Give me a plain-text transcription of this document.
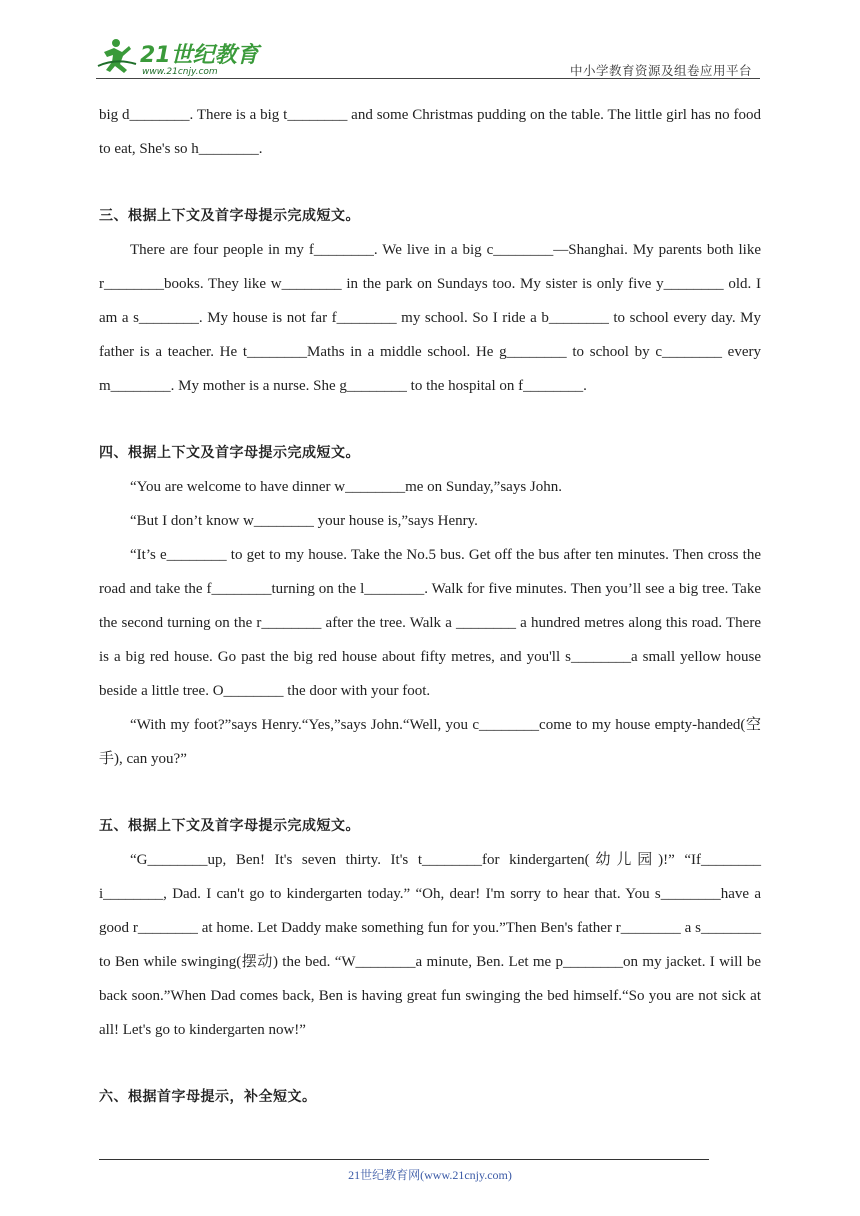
21世纪教育
www.21cnjy.com	中小学教育资源及组卷应用平台

big d________. There is a big t________ and some Christmas pudding on the table. The little girl has no food to eat, She's so h________.

三、根据上下文及首字母提示完成短文。

There are four people in my f________. We live in a big c________—Shanghai. My parents both like r________books. They like w________ in the park on Sundays too. My sister is only five y________ old. I am a s________. My house is not far f________ my school. So I ride a b________ to school every day. My father is a teacher. He t________Maths in a middle school. He g________ to school by c________ every m________. My mother is a nurse. She g________ to the hospital on f________.

四、根据上下文及首字母提示完成短文。

“You are welcome to have dinner w________me on Sunday,”says John.

“But I don’t know w________ your house is,”says Henry.

“It’s e________ to get to my house. Take the No.5 bus. Get off the bus after ten minutes. Then cross the road and take the f________turning on the l________. Walk for five minutes. Then you’ll see a big tree. Take the second turning on the r________ after the tree. Walk a ________ a hundred metres along this road. There is a big red house. Go past the big red house about fifty metres, and you'll s________a small yellow house beside a little tree. O________ the door with your foot.

“With my foot?”says Henry.“Yes,”says John.“Well, you c________come to my house empty-handed(空手), can you?”

五、根据上下文及首字母提示完成短文。

“G________up, Ben! It's seven thirty. It's t________for kindergarten(幼儿园)!” “If________ i________, Dad. I can't go to kindergarten today.” “Oh, dear! I'm sorry to hear that. You s________have a good r________ at home. Let Daddy make something fun for you.”Then Ben's father r________ a s________ to Ben while swinging(摆动) the bed. “W________a minute, Ben. Let me p________on my jacket. I will be back soon.”When Dad comes back, Ben is having great fun swinging the bed himself.“So you are not sick at all! Let's go to kindergarten now!”

六、根据首字母提示，补全短文。

21世纪教育网(www.21cnjy.com)
